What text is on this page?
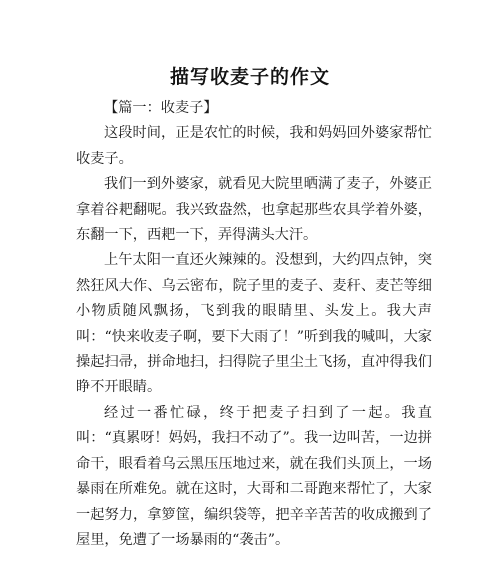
描写收麦子的作文

【篇一：收麦子】

这段时间，正是农忙的时候，我和妈妈回外婆家帮忙收麦子。

我们一到外婆家，就看见大院里晒满了麦子，外婆正拿着谷耙翻呢。我兴致盎然，也拿起那些农具学着外婆，东翻一下，西耙一下，弄得满头大汗。

上午太阳一直还火辣辣的。没想到，大约四点钟，突然狂风大作、乌云密布，院子里的麦子、麦秆、麦芒等细小物质随风飘扬，飞到我的眼睛里、头发上。我大声叫：“快来收麦子啊，要下大雨了！”听到我的喊叫，大家操起扫帚，拼命地扫，扫得院子里尘土飞扬，直冲得我们睁不开眼睛。

经过一番忙碌，终于把麦子扫到了一起。我直叫：“真累呀！妈妈，我扫不动了”。我一边叫苦，一边拼命干，眼看着乌云黑压压地过来，就在我们头顶上，一场暴雨在所难免。就在这时，大哥和二哥跑来帮忙了，大家一起努力，拿箩筐，编织袋等，把辛辛苦苦的收成搬到了屋里，免遭了一场暴雨的“袭击”。
